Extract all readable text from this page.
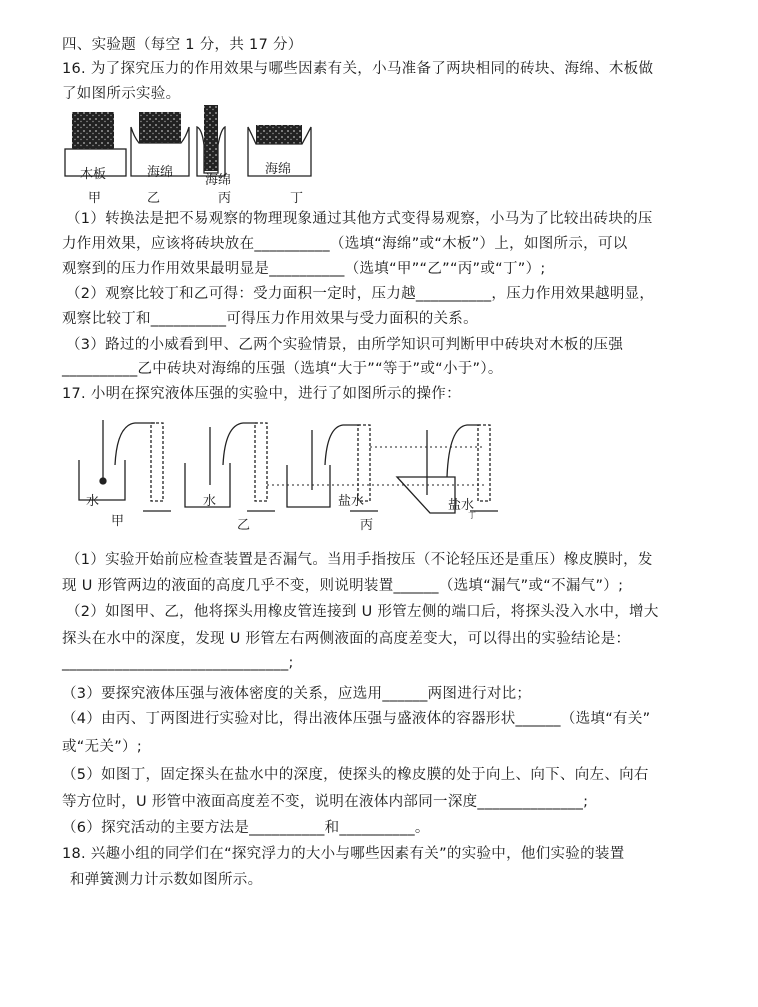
四、实验题（每空 1 分，共 17 分）
16. 为了探究压力的作用效果与哪些因素有关，小马准备了两块相同的砖块、海绵、木板做
了如图所示实验。
木板	海绵
海绵
海绵
甲	乙	丙	丁
（1）转换法是把不易观察的物理现象通过其他方式变得易观察，小马为了比较出砖块的压
力作用效果，应该将砖块放在__________（选填“海绵”或“木板”）上，如图所示，可以
观察到的压力作用效果最明显是__________（选填“甲”“乙”“丙”或“丁”）;
（2）观察比较丁和乙可得：受力面积一定时，压力越__________，压力作用效果越明显，
观察比较丁和__________可得压力作用效果与受力面积的关系。
（3）路过的小威看到甲、乙两个实验情景，由所学知识可判断甲中砖块对木板的压强
__________乙中砖块对海绵的压强（选填“大于”“等于”或“小于”）。
17. 小明在探究液体压强的实验中，进行了如图所示的操作：
水	水	盐水	盐水
甲	乙	丙
丁
（1）实验开始前应检查装置是否漏气。当用手指按压（不论轻压还是重压）橡皮膜时，发
现 U 形管两边的液面的高度几乎不变，则说明装置______（选填“漏气”或“不漏气”）;
（2）如图甲、乙，他将探头用橡皮管连接到 U 形管左侧的端口后，将探头没入水中，增大
探头在水中的深度，发现 U 形管左右两侧液面的高度差变大，可以得出的实验结论是：
______________________________;
（3）要探究液体压强与液体密度的关系，应选用______两图进行对比；
（4）由丙、丁两图进行实验对比，得出液体压强与盛液体的容器形状______（选填“有关”
或“无关”）;
（5）如图丁，固定探头在盐水中的深度，使探头的橡皮膜的处于向上、向下、向左、向右
等方位时，U 形管中液面高度差不变，说明在液体内部同一深度______________;
（6）探究活动的主要方法是__________和__________。
18. 兴趣小组的同学们在“探究浮力的大小与哪些因素有关”的实验中，他们实验的装置
和弹簧测力计示数如图所示。
